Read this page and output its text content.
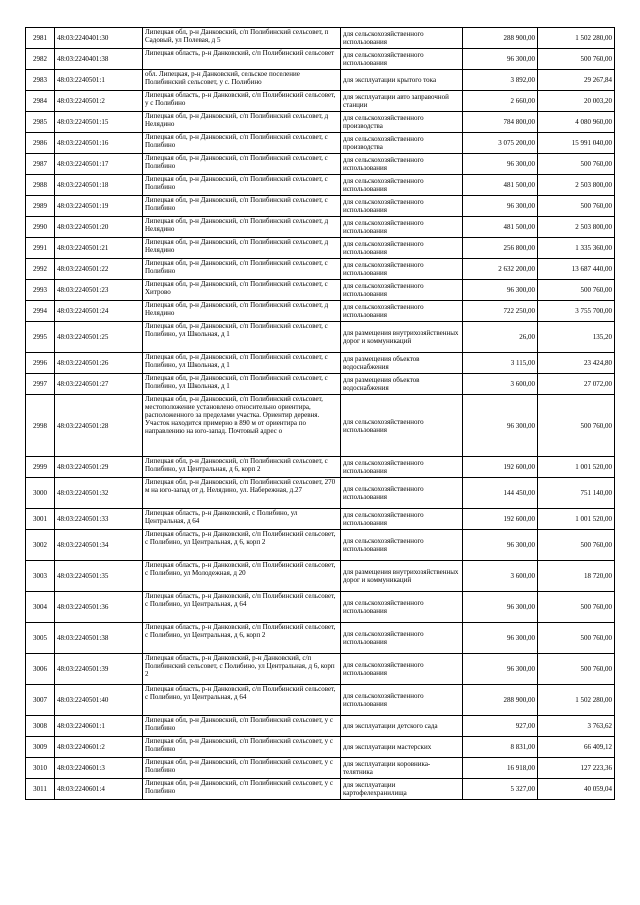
2981	48:03:2240401:30	Липецкая обл, р-н Данковский, с/п Полибинский сельсовет, п Садовый, ул Полевая, д 5	для сельскохозяйственного использования	288 900,00	1 502 280,00
2982	48:03:2240401:38	Липецкая область, р-н Данковский, с/п Полибинский сельсовет	для сельскохозяйственного использования	96 300,00	500 760,00
2983	48:03:2240501:1	обл. Липецкая, р-н Данковский, сельское поселение Полибинский сельсовет, у с. Полибино	для эксплуатации крытого тока	3 892,00	29 267,84
2984	48:03:2240501:2	Липецкая область, р-н Данковский, с/п Полибинский сельсовет, у с Полибино	для эксплуатации авто заправочной станции	2 660,00	20 003,20
2985	48:03:2240501:15	Липецкая обл, р-н Данковский, с/п Полибинский сельсовет, д Нелядино	для сельскохозяйственного производства	784 800,00	4 080 960,00
2986	48:03:2240501:16	Липецкая обл, р-н Данковский, с/п Полибинский сельсовет, с Полибино	для сельскохозяйственного производства	3 075 200,00	15 991 040,00
2987	48:03:2240501:17	Липецкая обл, р-н Данковский, с/п Полибинский сельсовет, с Полибино	для сельскохозяйственного использования	96 300,00	500 760,00
2988	48:03:2240501:18	Липецкая обл, р-н Данковский, с/п Полибинский сельсовет, с Полибино	для сельскохозяйственного использования	481 500,00	2 503 800,00
2989	48:03:2240501:19	Липецкая обл, р-н Данковский, с/п Полибинский сельсовет, с Полибино	для сельскохозяйственного использования	96 300,00	500 760,00
2990	48:03:2240501:20	Липецкая обл, р-н Данковский, с/п Полибинский сельсовет, д Нелядино	для сельскохозяйственного использования	481 500,00	2 503 800,00
2991	48:03:2240501:21	Липецкая обл, р-н Данковский, с/п Полибинский сельсовет, д Нелядино	для сельскохозяйственного использования	256 800,00	1 335 360,00
2992	48:03:2240501:22	Липецкая обл, р-н Данковский, с/п Полибинский сельсовет, с Полибино	для сельскохозяйственного использования	2 632 200,00	13 687 440,00
2993	48:03:2240501:23	Липецкая обл, р-н Данковский, с/п Полибинский сельсовет, с Хитрово	для сельскохозяйственного использования	96 300,00	500 760,00
2994	48:03:2240501:24	Липецкая обл, р-н Данковский, с/п Полибинский сельсовет, д Нелядино	для сельскохозяйственного использования	722 250,00	3 755 700,00
2995	48:03:2240501:25	Липецкая обл, р-н Данковский, с/п Полибинский сельсовет, с Полибино, ул Школьная, д 1	для размещения внутрихозяйственных дорог и коммуникаций	26,00	135,20
2996	48:03:2240501:26	Липецкая обл, р-н Данковский, с/п Полибинский сельсовет, с Полибино, ул Школьная, д 1	для размещения объектов водоснабжения	3 115,00	23 424,80
2997	48:03:2240501:27	Липецкая обл, р-н Данковский, с/п Полибинский сельсовет, с Полибино, ул Школьная, д 1	для размещения объектов водоснабжения	3 600,00	27 072,00
2998	48:03:2240501:28	Липецкая обл, р-н Данковский, с/п Полибинский сельсовет, местоположение установлено относительно ориентира, расположенного за пределами участка. Ориентир деревня. Участок находится примерно в 890 м от ориентира по направлению на юго-запад. Почтовый адрес о	для сельскохозяйственного использования	96 300,00	500 760,00
2999	48:03:2240501:29	Липецкая обл, р-н Данковский, с/п Полибинский сельсовет, с Полибино, ул Центральная, д 6, корп 2	для сельскохозяйственного использования	192 600,00	1 001 520,00
3000	48:03:2240501:32	Липецкая обл, р-н Данковский, с/п Полибинский сельсовет, 270 м на юго-запад от д. Нелядино, ул. Набережная, д.27	для сельскохозяйственного использования	144 450,00	751 140,00
3001	48:03:2240501:33	Липецкая область, р-н Данковский, с Полибино, ул Центральная, д 64	для сельскохозяйственного использования	192 600,00	1 001 520,00
3002	48:03:2240501:34	Липецкая область, р-н Данковский, с/п Полибинский сельсовет, с Полибино, ул Центральная, д 6, корп 2	для сельскохозяйственного использования	96 300,00	500 760,00
3003	48:03:2240501:35	Липецкая область, р-н Данковский, с/п Полибинский сельсовет, с Полибино, ул Молодежная, д 20	для размещения внутрихозяйственных дорог и коммуникаций	3 600,00	18 720,00
3004	48:03:2240501:36	Липецкая область, р-н Данковский, с/п Полибинский сельсовет, с Полибино, ул Центральная, д 64	для сельскохозяйственного использования	96 300,00	500 760,00
3005	48:03:2240501:38	Липецкая область, р-н Данковский, с/п Полибинский сельсовет, с Полибино, ул Центральная, д 6, корп 2	для сельскохозяйственного использования	96 300,00	500 760,00
3006	48:03:2240501:39	Липецкая область, р-н Данковский, р-н Данковский, с/п Полибинский сельсовет, с Полибино, ул Центральная, д 6, корп 2	для сельскохозяйственного использования	96 300,00	500 760,00
3007	48:03:2240501:40	Липецкая область, р-н Данковский, с/п Полибинский сельсовет, с Полибино, ул Центральная, д 64	для сельскохозяйственного использования	288 900,00	1 502 280,00
3008	48:03:2240601:1	Липецкая обл, р-н Данковский, с/п Полибинский сельсовет, у с Полибино	для эксплуатации детского сада	927,00	3 763,62
3009	48:03:2240601:2	Липецкая обл, р-н Данковский, с/п Полибинский сельсовет, у с Полибино	для эксплуатации мастерских	8 831,00	66 409,12
3010	48:03:2240601:3	Липецкая обл, р-н Данковский, с/п Полибинский сельсовет, у с Полибино	для эксплуатации коровника-телятника	16 918,00	127 223,36
3011	48:03:2240601:4	Липецкая обл, р-н Данковский, с/п Полибинский сельсовет, у с Полибино	для эксплуатации картофелехранилища	5 327,00	40 059,04
